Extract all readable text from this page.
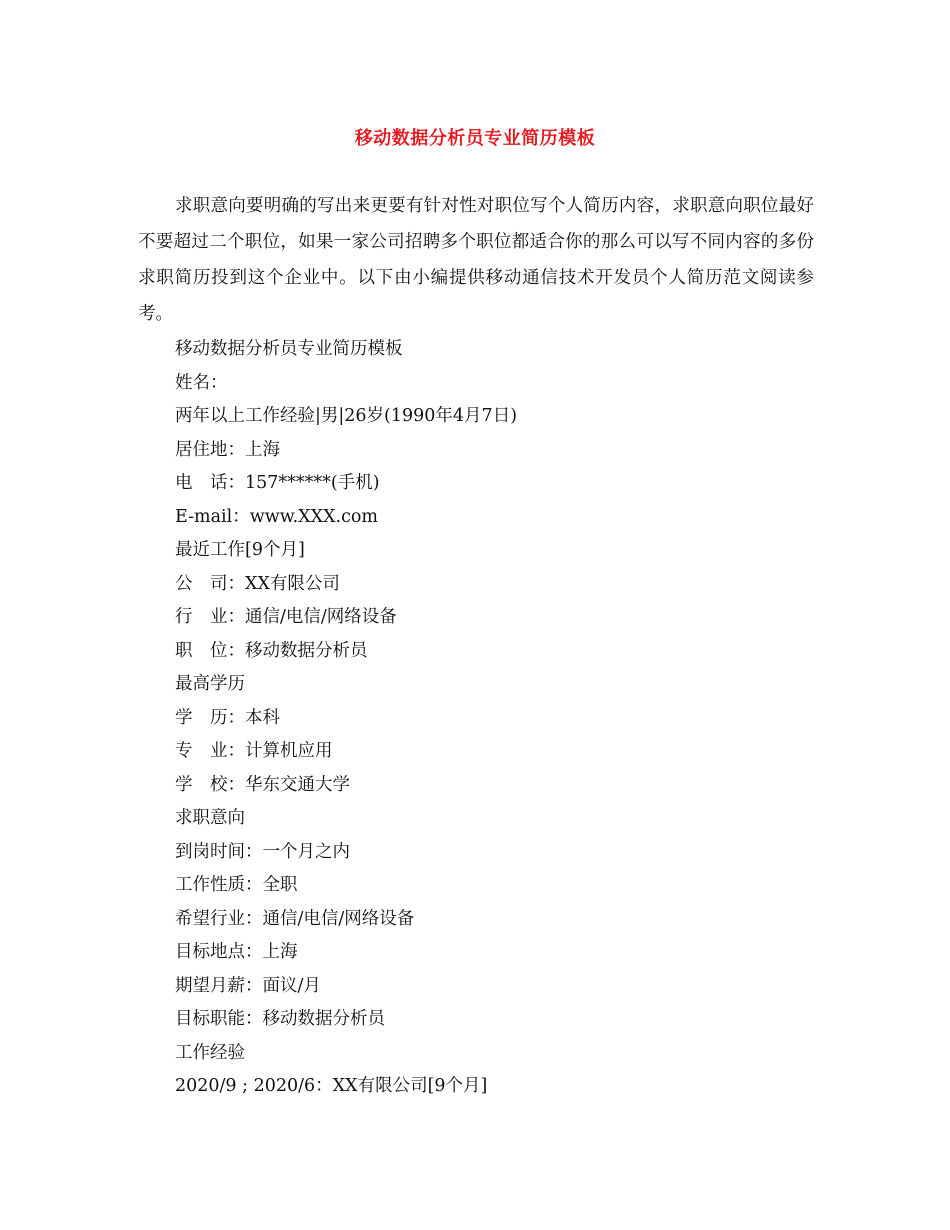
移动数据分析员专业简历模板

求职意向要明确的写出来更要有针对性对职位写个人简历内容，求职意向职位最好不要超过二个职位，如果一家公司招聘多个职位都适合你的那么可以写不同内容的多份求职简历投到这个企业中。以下由小编提供移动通信技术开发员个人简历范文阅读参考。

移动数据分析员专业简历模板
姓名：
两年以上工作经验|男|26岁(1990年4月7日)
居住地：上海
电　话：157******(手机)
E-mail：www.XXX.com
最近工作[9个月]
公　司：XX有限公司
行　业：通信/电信/网络设备
职　位：移动数据分析员
最高学历
学　历：本科
专　业：计算机应用
学　校：华东交通大学
求职意向
到岗时间：一个月之内
工作性质：全职
希望行业：通信/电信/网络设备
目标地点：上海
期望月薪：面议/月
目标职能：移动数据分析员
工作经验
2020/9 ; 2020/6：XX有限公司[9个月]
